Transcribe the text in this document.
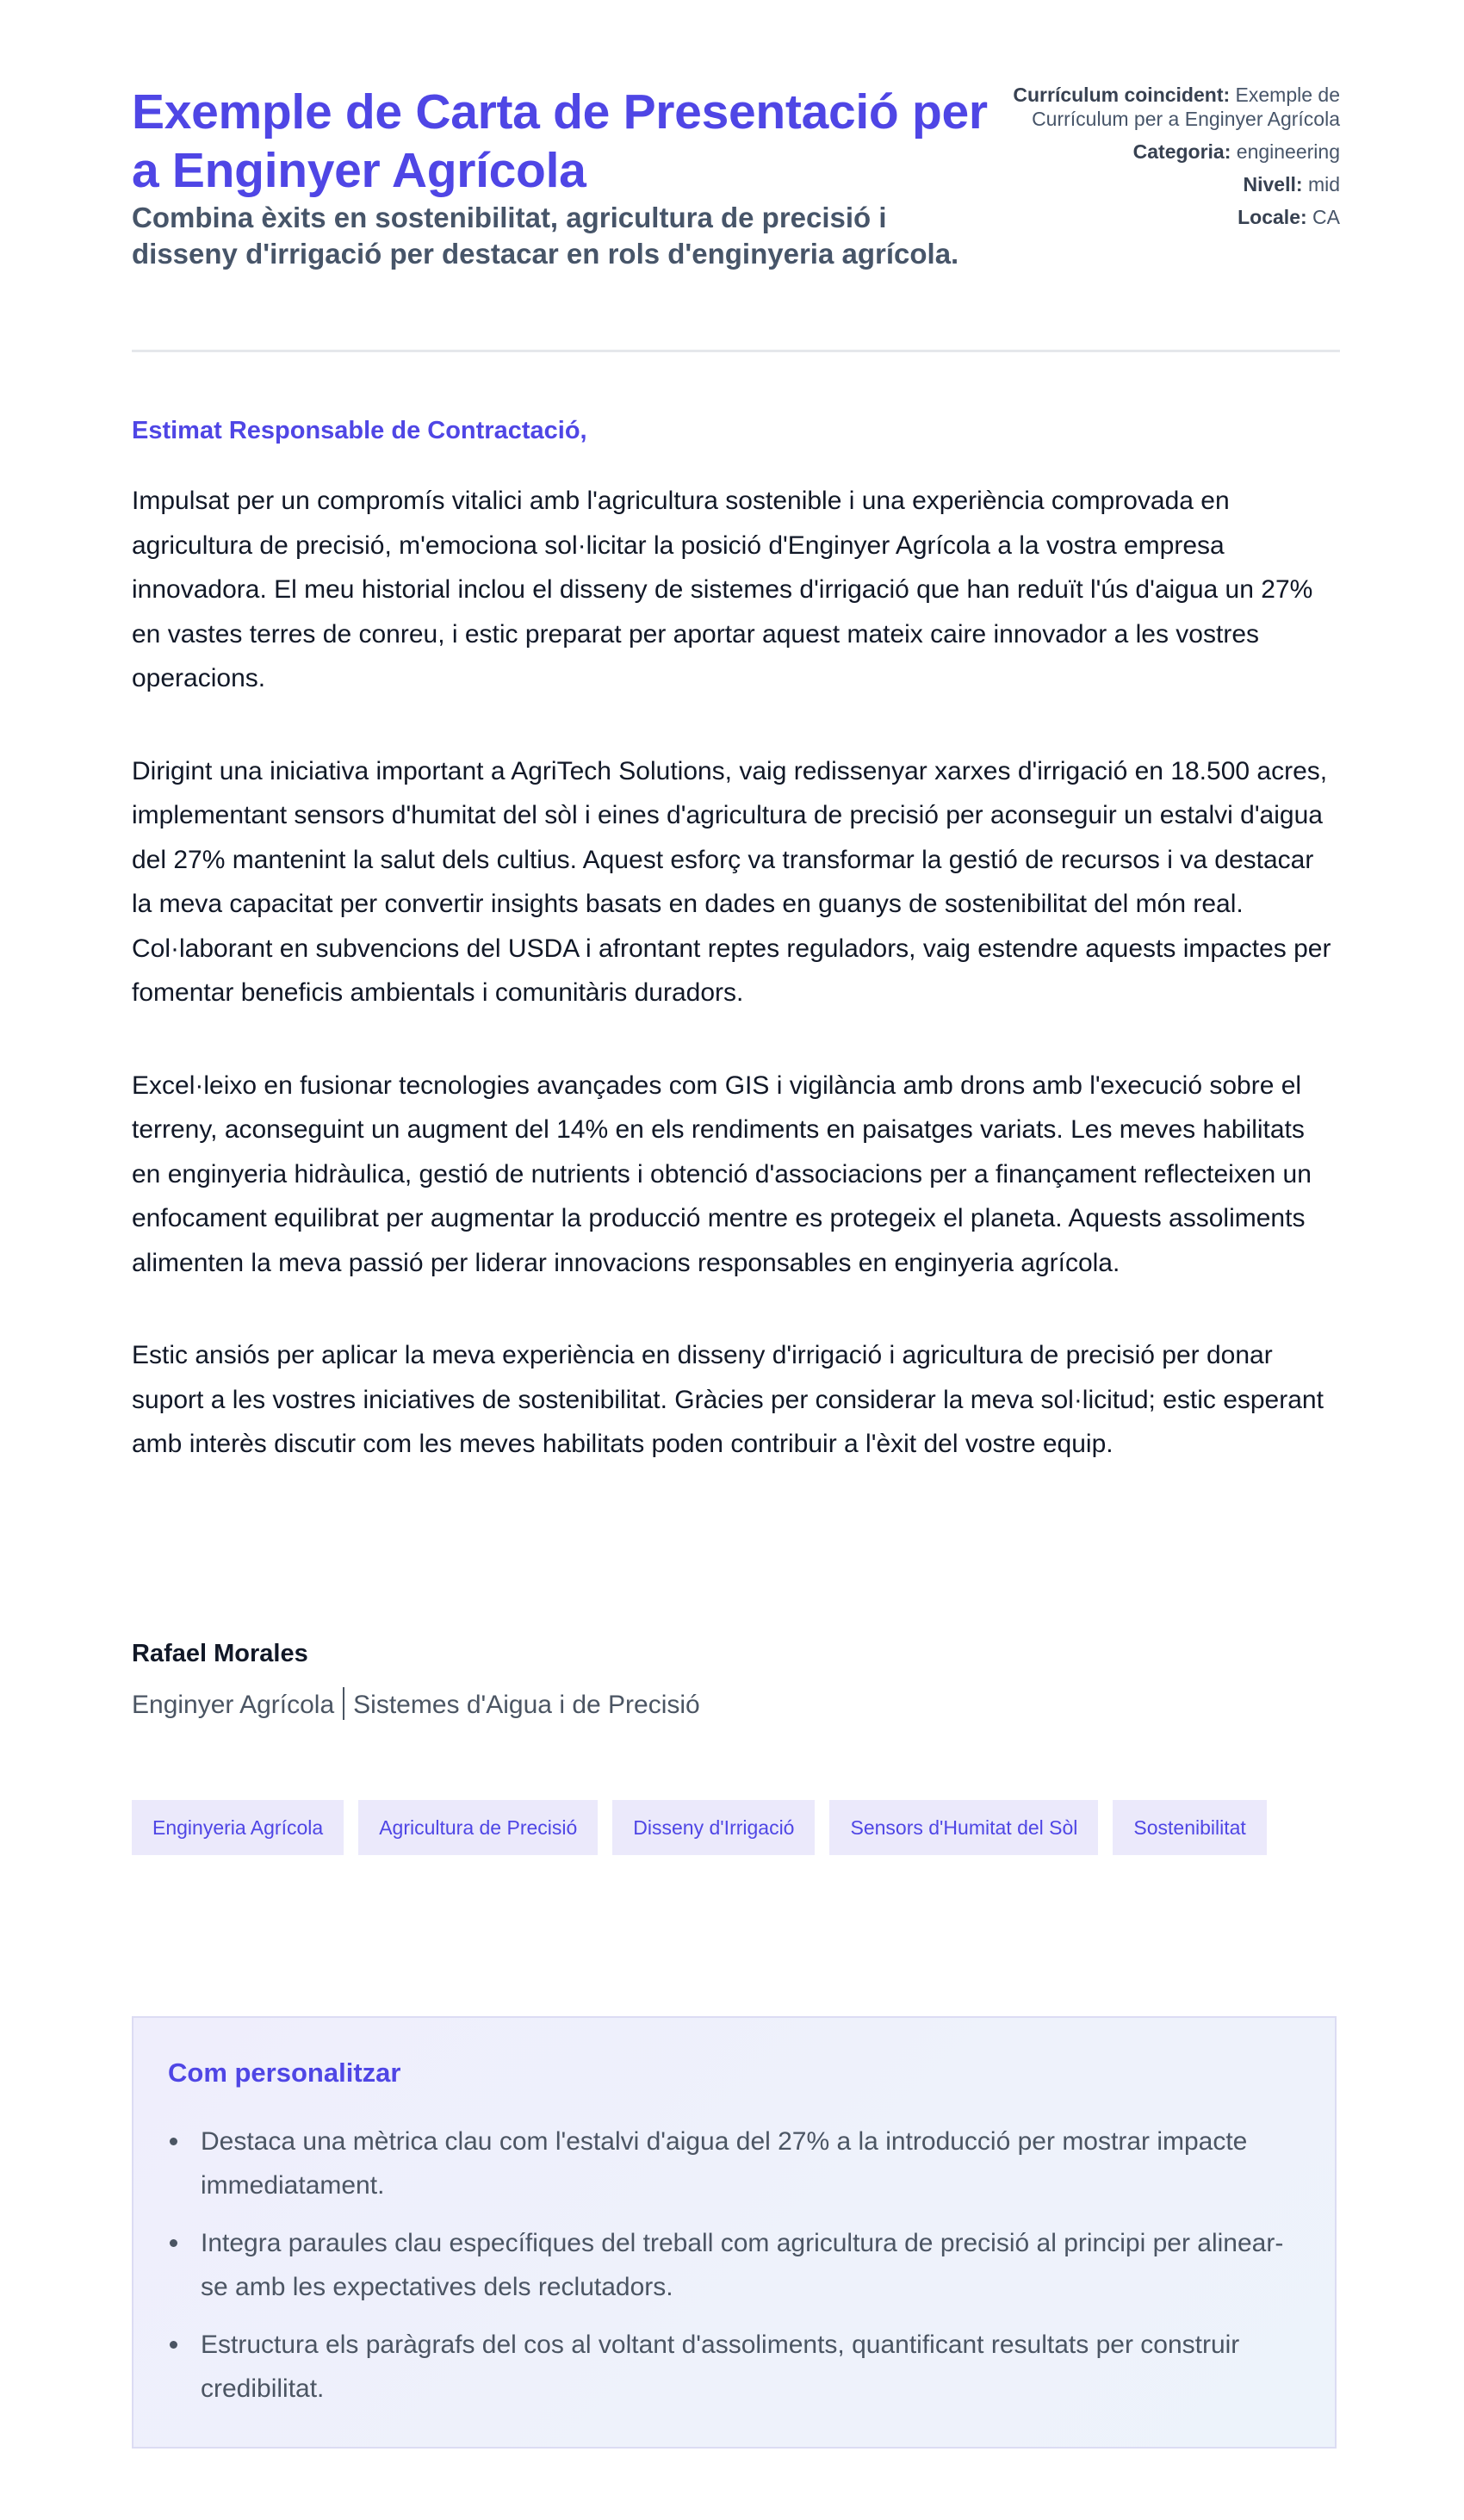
Exemple de Carta de Presentació per a Enginyer Agrícola

Combina èxits en sostenibilitat, agricultura de precisió i disseny d'irrigació per destacar en rols d'enginyeria agrícola.

Currículum coincident: Exemple de Currículum per a Enginyer Agrícola
Categoria: engineering
Nivell: mid
Locale: CA

Estimat Responsable de Contractació,

Impulsat per un compromís vitalici amb l'agricultura sostenible i una experiència comprovada en agricultura de precisió, m'emociona sol·licitar la posició d'Enginyer Agrícola a la vostra empresa innovadora. El meu historial inclou el disseny de sistemes d'irrigació que han reduït l'ús d'aigua un 27% en vastes terres de conreu, i estic preparat per aportar aquest mateix caire innovador a les vostres operacions.

Dirigint una iniciativa important a AgriTech Solutions, vaig redissenyar xarxes d'irrigació en 18.500 acres, implementant sensors d'humitat del sòl i eines d'agricultura de precisió per aconseguir un estalvi d'aigua del 27% mantenint la salut dels cultius. Aquest esforç va transformar la gestió de recursos i va destacar la meva capacitat per convertir insights basats en dades en guanys de sostenibilitat del món real. Col·laborant en subvencions del USDA i afrontant reptes reguladors, vaig estendre aquests impactes per fomentar beneficis ambientals i comunitàris duradors.

Excel·leixo en fusionar tecnologies avançades com GIS i vigilància amb drons amb l'execució sobre el terreny, aconseguint un augment del 14% en els rendiments en paisatges variats. Les meves habilitats en enginyeria hidràulica, gestió de nutrients i obtenció d'associacions per a finançament reflecteixen un enfocament equilibrat per augmentar la producció mentre es protegeix el planeta. Aquests assoliments alimenten la meva passió per liderar innovacions responsables en enginyeria agrícola.

Estic ansiós per aplicar la meva experiència en disseny d'irrigació i agricultura de precisió per donar suport a les vostres iniciatives de sostenibilitat. Gràcies per considerar la meva sol·licitud; estic esperant amb interès discutir com les meves habilitats poden contribuir a l'èxit del vostre equip.

Rafael Morales

Enginyer Agrícola Sistemes d'Aigua i de Precisió
Enginyeria Agrícola	Agricultura de Precisió	Disseny d'Irrigació	Sensors d'Humitat del Sòl	Sostenibilitat
Com personalitzar
Destaca una mètrica clau com l'estalvi d'aigua del 27% a la introducció per mostrar impacte immediatament.
Integra paraules clau específiques del treball com agricultura de precisió al principi per alinear-se amb les expectatives dels reclutadors.
Estructura els paràgrafs del cos al voltant d'assoliments, quantificant resultats per construir credibilitat.
